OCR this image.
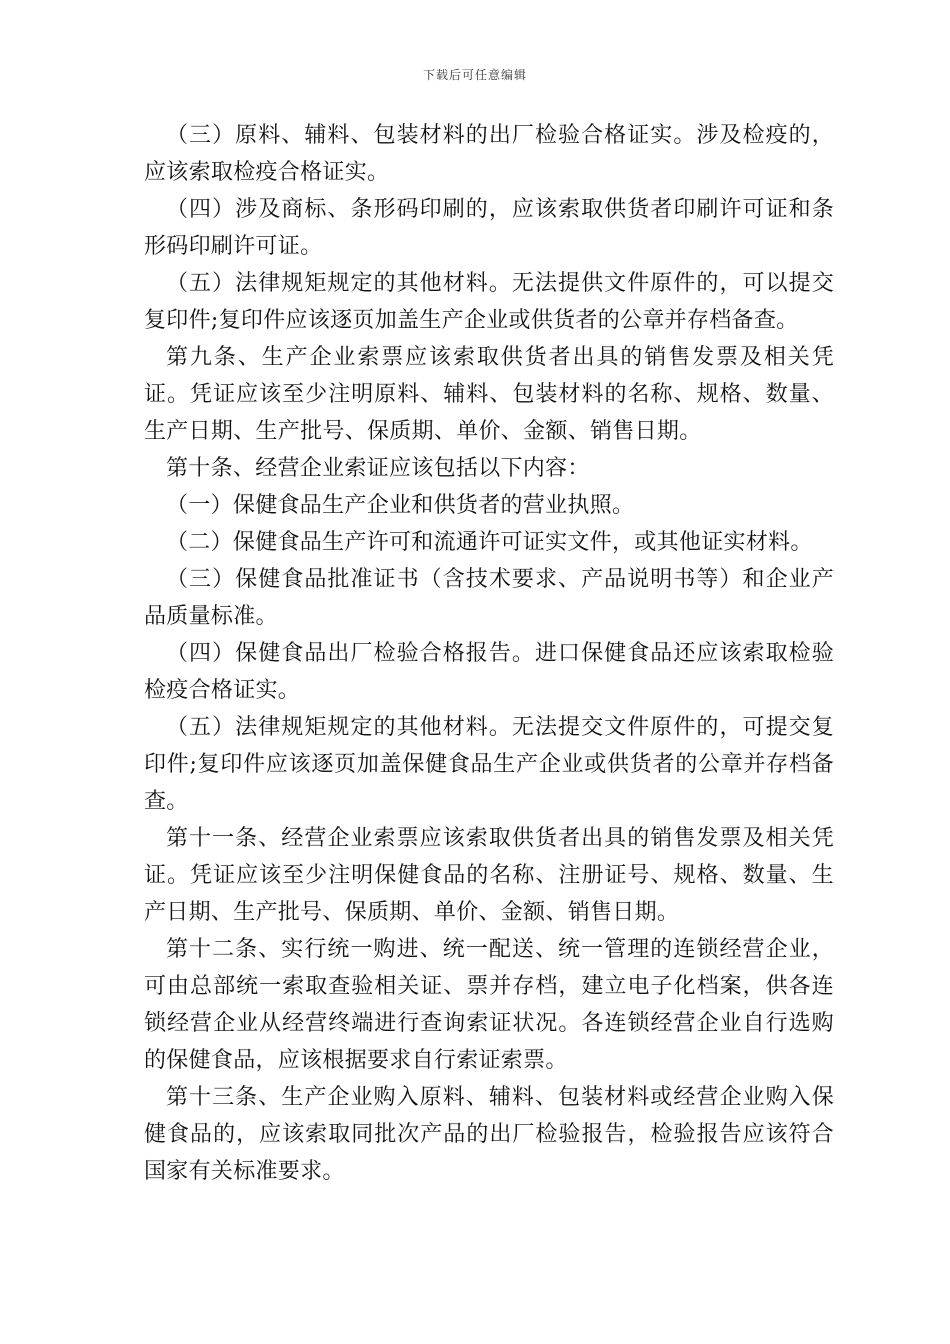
下载后可任意编辑

（三）原料、辅料、包装材料的出厂检验合格证实。涉及检疫的，应该索取检疫合格证实。

（四）涉及商标、条形码印刷的，应该索取供货者印刷许可证和条形码印刷许可证。

（五）法律规矩规定的其他材料。无法提供文件原件的，可以提交复印件;复印件应该逐页加盖生产企业或供货者的公章并存档备查。

第九条、生产企业索票应该索取供货者出具的销售发票及相关凭证。凭证应该至少注明原料、辅料、包装材料的名称、规格、数量、生产日期、生产批号、保质期、单价、金额、销售日期。

第十条、经营企业索证应该包括以下内容：

（一）保健食品生产企业和供货者的营业执照。

（二）保健食品生产许可和流通许可证实文件，或其他证实材料。

（三）保健食品批准证书（含技术要求、产品说明书等）和企业产品质量标准。

（四）保健食品出厂检验合格报告。进口保健食品还应该索取检验检疫合格证实。

（五）法律规矩规定的其他材料。无法提交文件原件的，可提交复印件;复印件应该逐页加盖保健食品生产企业或供货者的公章并存档备查。

第十一条、经营企业索票应该索取供货者出具的销售发票及相关凭证。凭证应该至少注明保健食品的名称、注册证号、规格、数量、生产日期、生产批号、保质期、单价、金额、销售日期。

第十二条、实行统一购进、统一配送、统一管理的连锁经营企业，可由总部统一索取查验相关证、票并存档，建立电子化档案，供各连锁经营企业从经营终端进行查询索证状况。各连锁经营企业自行选购的保健食品，应该根据要求自行索证索票。

第十三条、生产企业购入原料、辅料、包装材料或经营企业购入保健食品的，应该索取同批次产品的出厂检验报告，检验报告应该符合国家有关标准要求。
